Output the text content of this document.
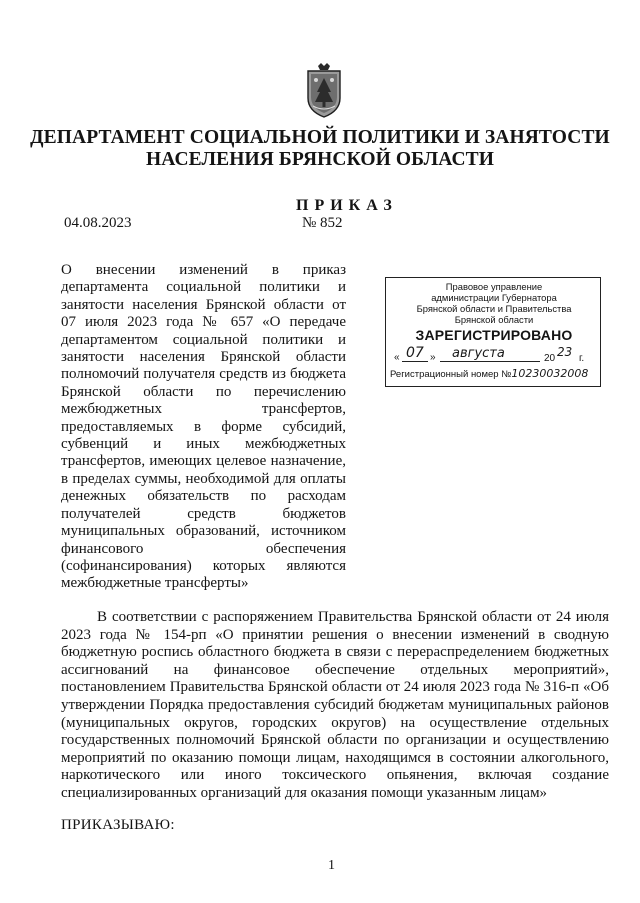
ДЕПАРТАМЕНТ СОЦИАЛЬНОЙ ПОЛИТИКИ И ЗАНЯТОСТИ
НАСЕЛЕНИЯ БРЯНСКОЙ ОБЛАСТИ
ПРИКАЗ
04.08.2023	№ 852

О внесении изменений в приказ департамента социальной политики и занятости населения Брянской области от 07 июля 2023 года № 657 «О передаче департаментом социальной политики и занятости населения Брянской области полномочий получателя средств из бюджета Брянской области по перечислению межбюджетных трансфертов, предоставляемых в форме субсидий, субвенций и иных межбюджетных трансфертов, имеющих целевое назначение, в пределах суммы, необходимой для оплаты денежных обязательств по расходам получателей средств бюджетов муниципальных образований, источником финансового обеспечения (софинансирования) которых являются межбюджетные трансферты»

Правовое управление
администрации Губернатора
Брянской области и Правительства
Брянской области
ЗАРЕГИСТРИРОВАНО
« 07 » августа	20 23 г.
Регистрационный номер №10230032008

В соответствии с распоряжением Правительства Брянской области от 24 июля 2023 года № 154-рп «О принятии решения о внесении изменений в сводную бюджетную роспись областного бюджета в связи с перераспределением бюджетных ассигнований на финансовое обеспечение отдельных мероприятий», постановлением Правительства Брянской области от 24 июля 2023 года № 316-п «Об утверждении Порядка предоставления субсидий бюджетам муниципальных районов (муниципальных округов, городских округов) на осуществление отдельных государственных полномочий Брянской области по организации и осуществлению мероприятий по оказанию помощи лицам, находящимся в состоянии алкогольного, наркотического или иного токсического опьянения, включая создание специализированных организаций для оказания помощи указанным лицам»

ПРИКАЗЫВАЮ:
1
